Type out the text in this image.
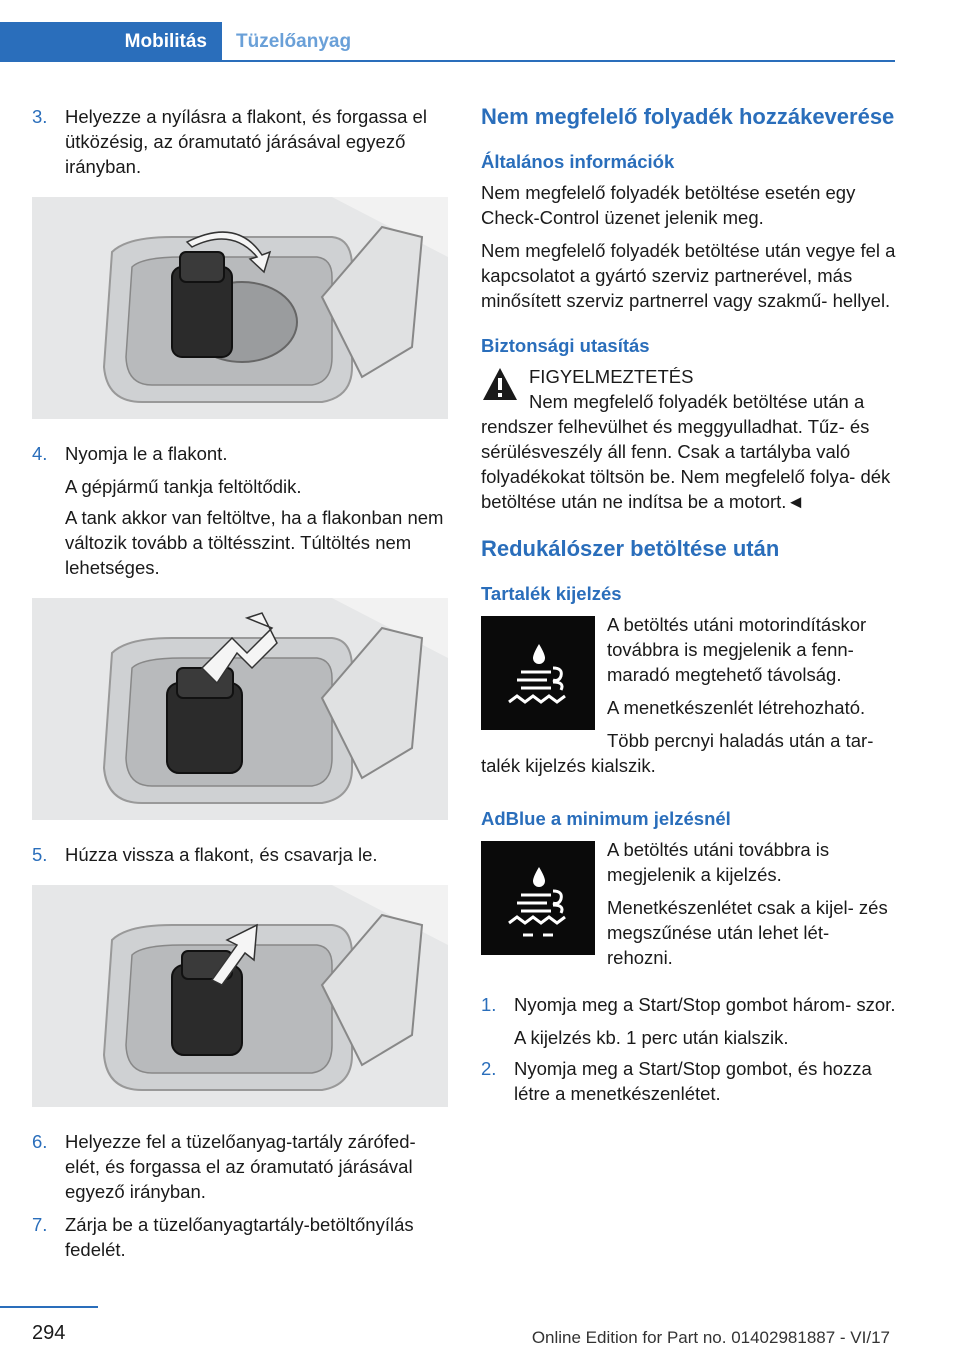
Mobilitás	Tüzelőanyag
3. Helyezze a nyílásra a flakont, és forgassa el ütközésig, az óramutató járásával egyező irányban.
4. Nyomja le a flakont.
A gépjármű tankja feltöltődik.
A tank akkor van feltöltve, ha a flakonban nem változik tovább a töltésszint. Túltöltés nem lehetséges.
5. Húzza vissza a flakont, és csavarja le.
6. Helyezze fel a tüzelőanyag-tartály zárófed- elét, és forgassa el az óramutató járásával egyező irányban.
7. Zárja be a tüzelőanyagtartály-betöltőnyílás fedelét.
Nem megfelelő folyadék hozzákeverése
Általános információk

Nem megfelelő folyadék betöltése esetén egy Check-Control üzenet jelenik meg.

Nem megfelelő folyadék betöltése után vegye fel a kapcsolatot a gyártó szerviz partnerével, más minősített szerviz partnerrel vagy szakmű- hellyel.

Biztonsági utasítás
FIGYELMEZTETÉS
Nem megfelelő folyadék betöltése után a rendszer felhevülhet és meggyulladhat. Tűz- és sérülésveszély áll fenn. Csak a tartályba való folyadékokat töltsön be. Nem megfelelő folya- dék betöltése után ne indítsa be a motort.◄
Redukálószer betöltése után
Tartalék kijelzés

A betöltés utáni motorindításkor továbbra is megjelenik a fenn- maradó megtehető távolság.

A menetkészenlét létrehozható.

Több percnyi haladás után a tar- talék kijelzés kialszik.

AdBlue a minimum jelzésnél

A betöltés utáni továbbra is megjelenik a kijelzés.

Menetkészenlétet csak a kijel- zés megszűnése után lehet lét- rehozni.

1. Nyomja meg a Start/Stop gombot három- szor.
A kijelzés kb. 1 perc után kialszik.
2. Nyomja meg a Start/Stop gombot, és hozza létre a menetkészenlétet.
294	Online Edition for Part no. 01402981887 - VI/17
